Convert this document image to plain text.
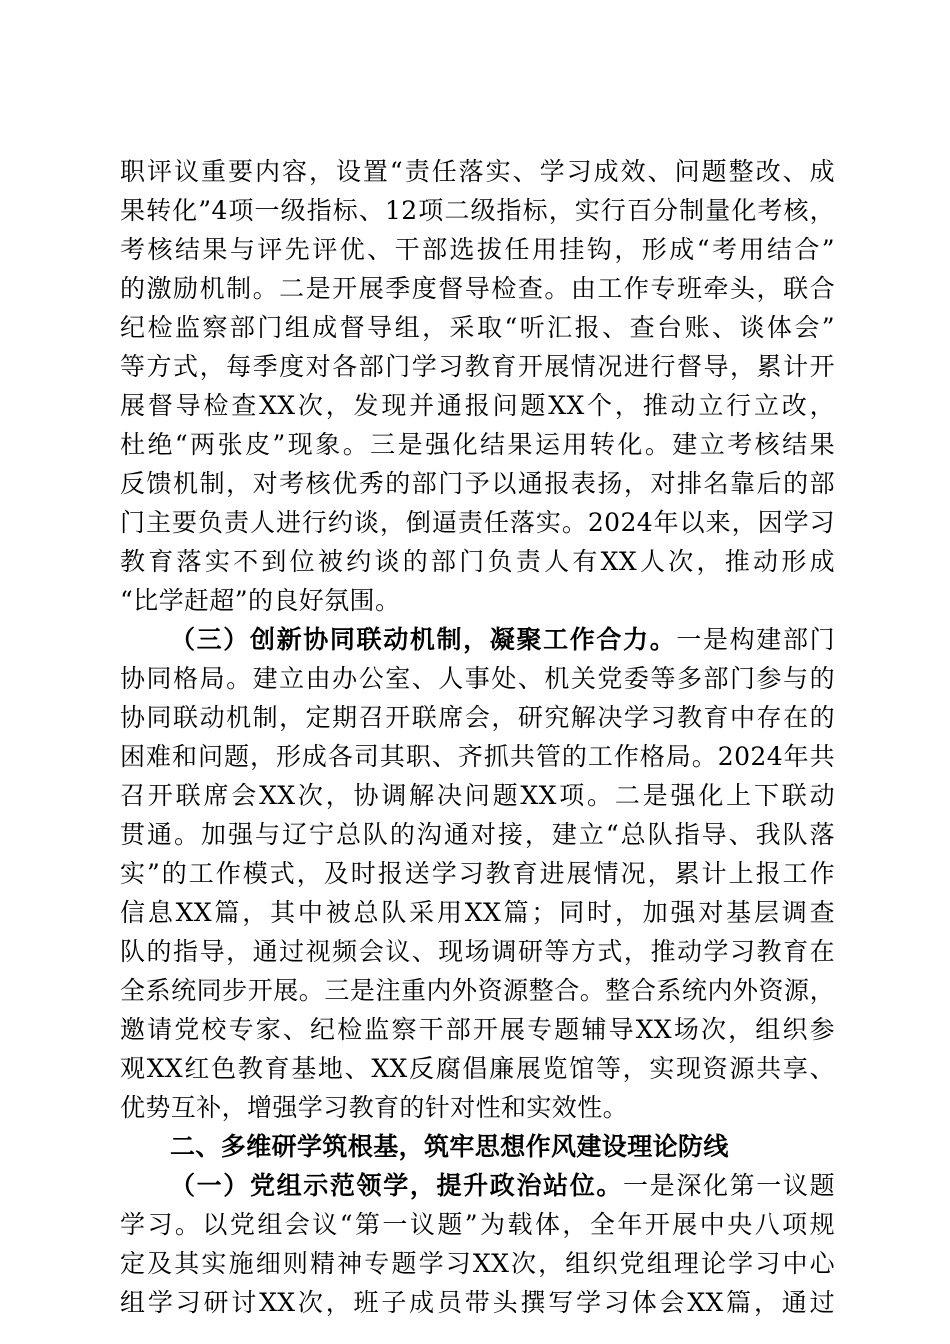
职评议重要内容，设置“责任落实、学习成效、问题整改、成
果转化”4项一级指标、12项二级指标，实行百分制量化考核，
考核结果与评先评优、干部选拔任用挂钩，形成“考用结合”
的激励机制。二是开展季度督导检查。由工作专班牵头，联合
纪检监察部门组成督导组，采取“听汇报、查台账、谈体会”
等方式，每季度对各部门学习教育开展情况进行督导，累计开
展督导检查XX次，发现并通报问题XX个，推动立行立改，
杜绝“两张皮”现象。三是强化结果运用转化。建立考核结果
反馈机制，对考核优秀的部门予以通报表扬，对排名靠后的部
门主要负责人进行约谈，倒逼责任落实。2024年以来，因学习
教育落实不到位被约谈的部门负责人有XX人次，推动形成
“比学赶超”的良好氛围。
（三）创新协同联动机制，凝聚工作合力。一是构建部门
协同格局。建立由办公室、人事处、机关党委等多部门参与的
协同联动机制，定期召开联席会，研究解决学习教育中存在的
困难和问题，形成各司其职、齐抓共管的工作格局。2024年共
召开联席会XX次，协调解决问题XX项。二是强化上下联动
贯通。加强与辽宁总队的沟通对接，建立“总队指导、我队落
实”的工作模式，及时报送学习教育进展情况，累计上报工作
信息XX篇，其中被总队采用XX篇；同时，加强对基层调查
队的指导，通过视频会议、现场调研等方式，推动学习教育在
全系统同步开展。三是注重内外资源整合。整合系统内外资源，
邀请党校专家、纪检监察干部开展专题辅导XX场次，组织参
观XX红色教育基地、XX反腐倡廉展览馆等，实现资源共享、
优势互补，增强学习教育的针对性和实效性。
二、多维研学筑根基，筑牢思想作风建设理论防线
（一）党组示范领学，提升政治站位。一是深化第一议题
学习。以党组会议“第一议题”为载体，全年开展中央八项规
定及其实施细则精神专题学习XX次，组织党组理论学习中心
组学习研讨XX次，班子成员带头撰写学习体会XX篇，通过
